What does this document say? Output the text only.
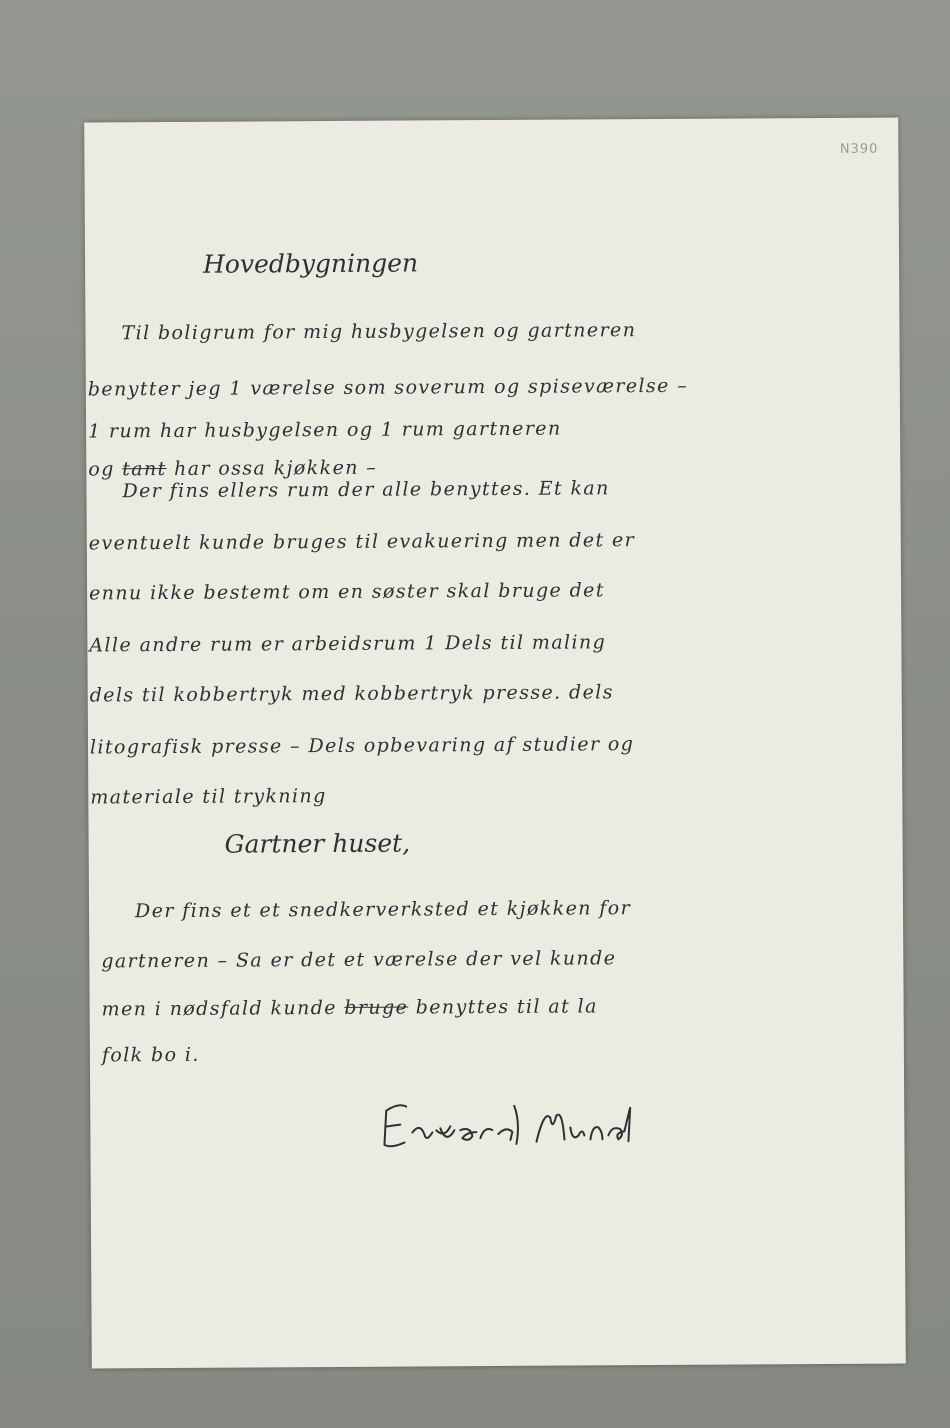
N390

Hovedbygningen

Til boligrum for mig husbygelsen og gartneren

benytter jeg 1 værelse som soverum og spiseværelse –

1 rum har husbygelsen og 1 rum gartneren

og tant har ossa kjøkken –

Der fins ellers rum der alle benyttes. Et kan

eventuelt kunde bruges til evakuering men det er

ennu ikke bestemt om en søster skal bruge det

Alle andre rum er arbeidsrum 1 Dels til maling

dels til kobbertryk med kobbertryk presse. dels

litografisk presse – Dels opbevaring af studier og

materiale til trykning

Gartner huset,

Der fins et et snedkerverksted et kjøkken for

gartneren – Sa er det et værelse der vel kunde

men i nødsfald kunde bruge benyttes til at la

folk bo i.
